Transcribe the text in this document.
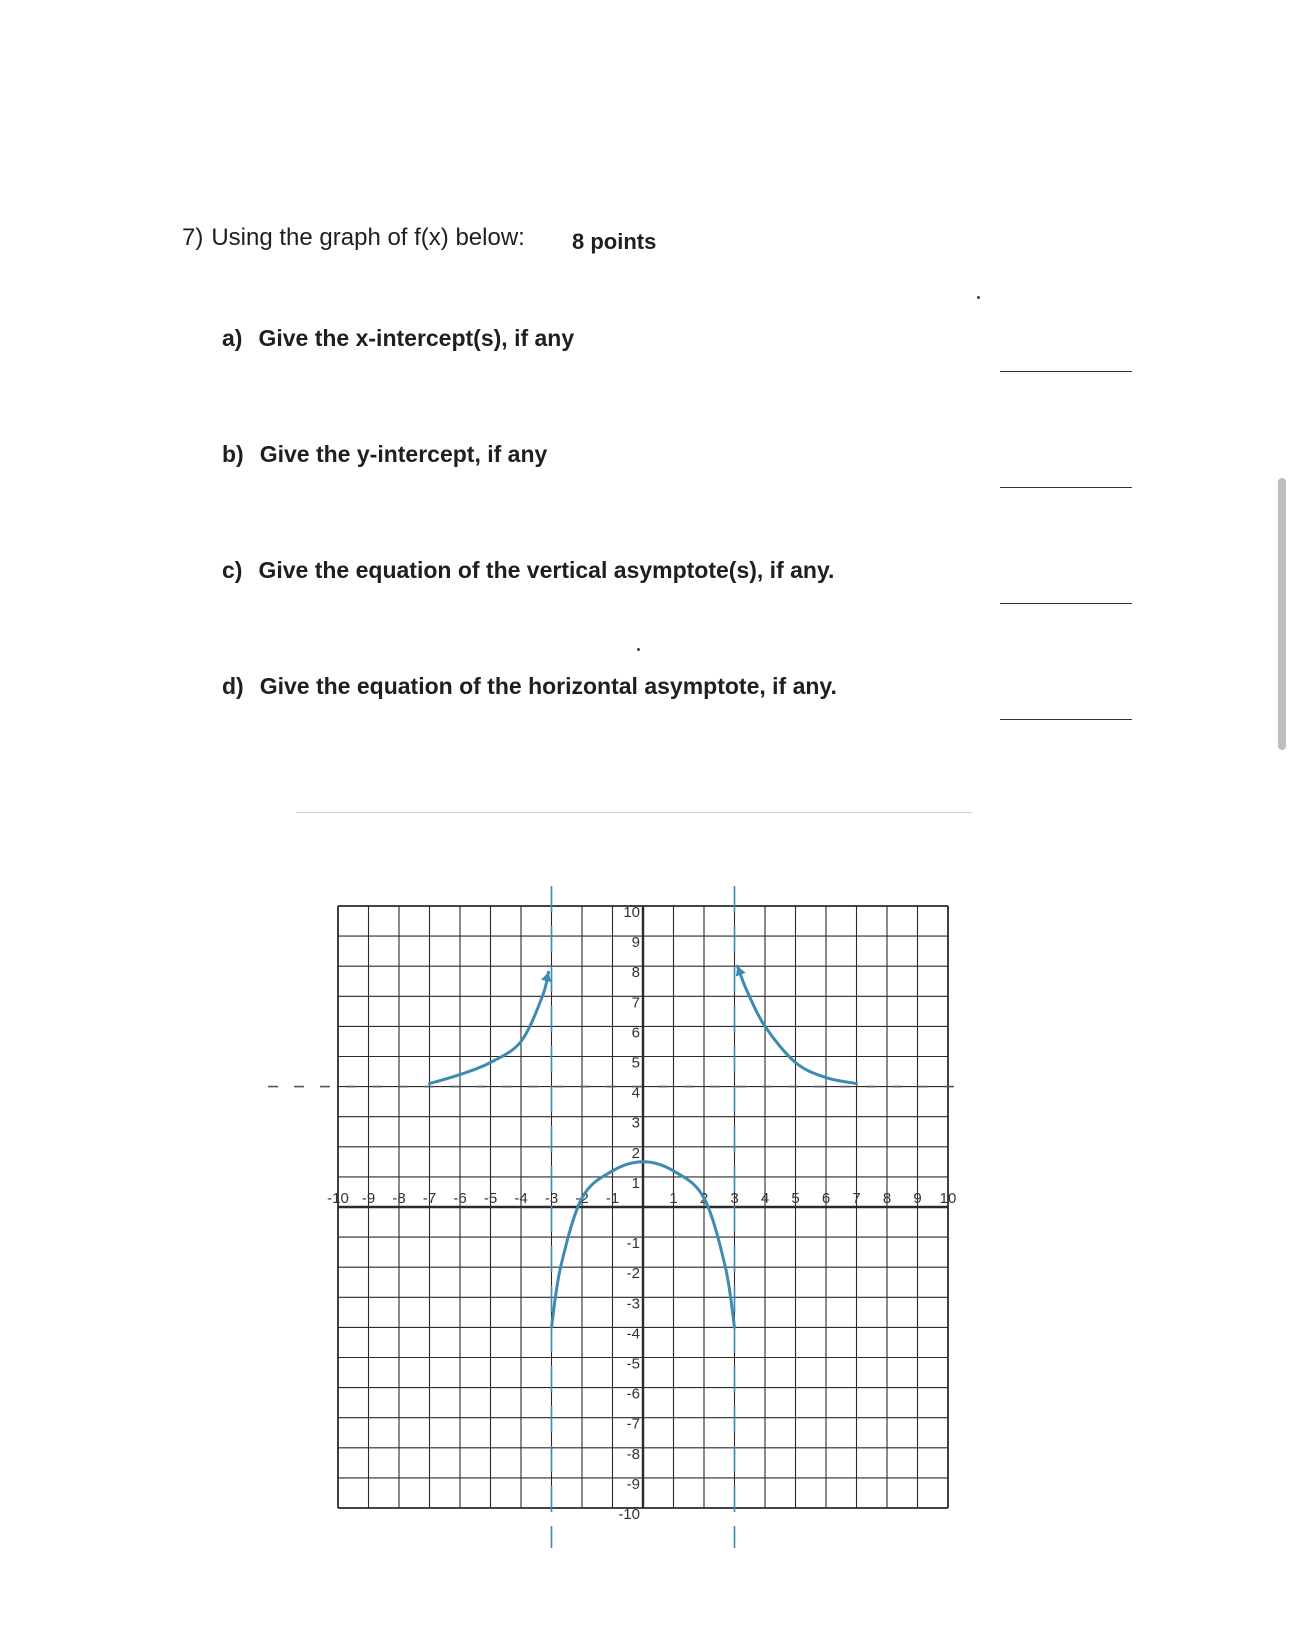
7) Using the graph of f(x) below: 8 points
a) Give the x-intercept(s), if any
b) Give the y-intercept, if any
c) Give the equation of the vertical asymptote(s), if any.
d) Give the equation of the horizontal asymptote, if any.
-10 -9 -8 -7 -6 -5 -4 -3 -2 -1	1 2 3 4 5 6 7 8 9 10
10
9
8
7
6
5
4
3
2
1
-1
-2
-3
-4
-5
-6
-7
-8
-9
-10
